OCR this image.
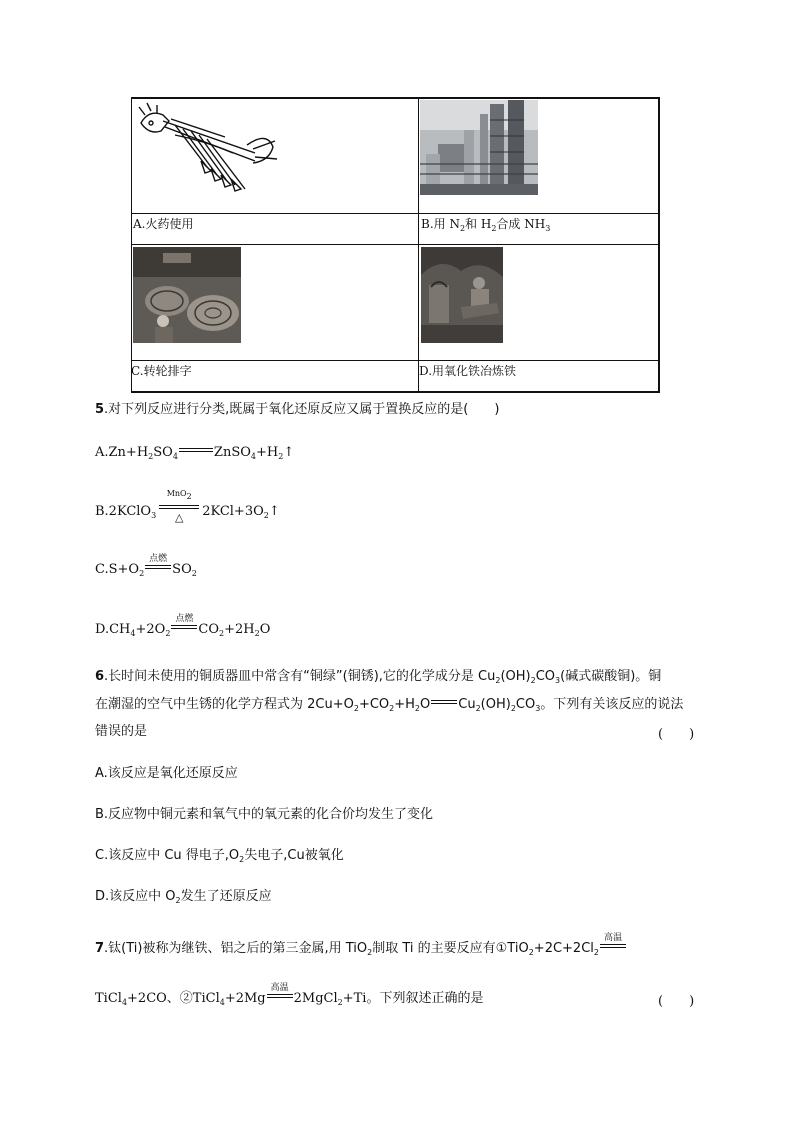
A.火药使用	B.用 $N_2$和 $H_2$合成 $NH_3$
C.转轮排字	D.用氧化铁冶炼铁
5.对下列反应进行分类,既属于氧化还原反应又属于置换反应的是(　　)
$A.Zn+H_2SO_4$	$ZnSO_4+H_2↑$
B.2KClO$_3$
MnO$_2$
△	$2KCl+3O_2↑$
$C.S+O_2$
点燃
$SO_2$
$D.CH_4+2O_2$
点燃
$CO_2+2H_2O$
6.长时间未使用的铜质器皿中常含有“铜绿”(铜锈),它的化学成分是 $Cu_2(OH)_2CO_3$(碱式碳酸铜)。铜
在潮湿的空气中生锈的化学方程式为 $2Cu+O_2+CO_2+H_2O$ $Cu_2(OH)_2CO_3$。下列有关该反应的说法
错误的是	(　　)
A.该反应是氧化还原反应
B.反应物中铜元素和氧气中的氧元素的化合价均发生了变化
C.该反应中 Cu 得电子$,O_2$失电子,Cu被氧化
D.该反应中 $O_2$发生了还原反应
7.钛(Ti)被称为继铁、铝之后的第三金属,用 TiO$_2$制取 Ti 的主要反应有$①TiO_2+2C+2Cl_2$
高温
TiCl$_4$+2CO、②TiCl$_4$+2Mg
高温
2MgCl$_2$+Ti。下列叙述正确的是	(　　)
